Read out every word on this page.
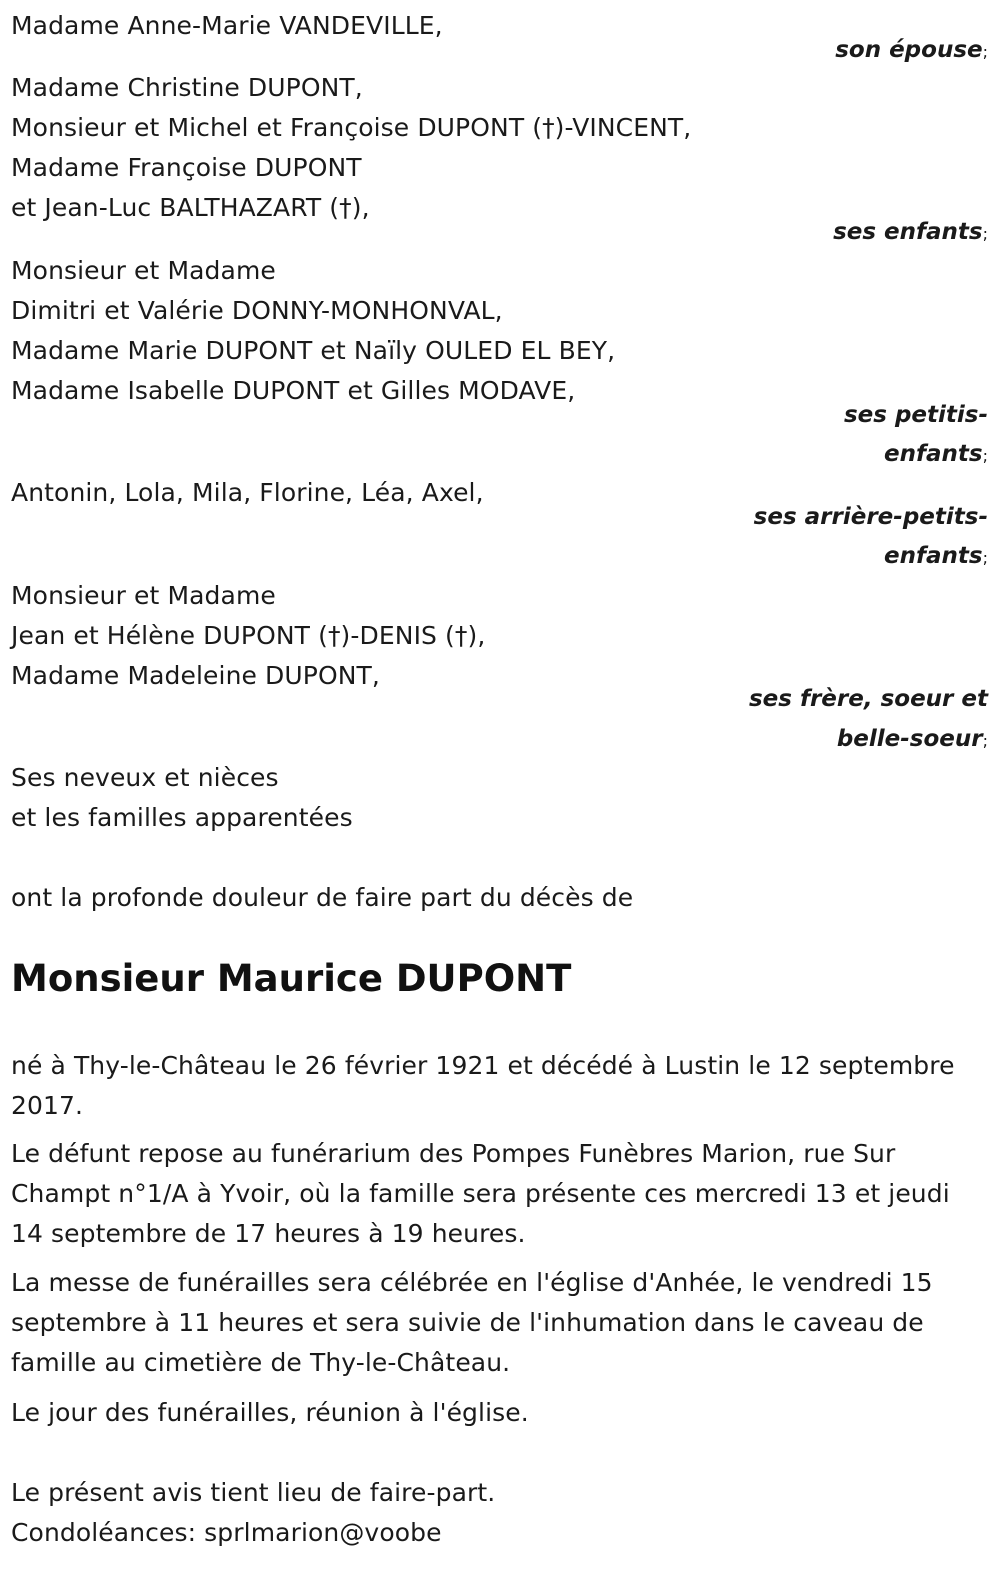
Madame Anne-Marie VANDEVILLE,
son épouse;
Madame Christine DUPONT,
Monsieur et Michel et Françoise DUPONT (†)-VINCENT,
Madame Françoise DUPONT
et Jean-Luc BALTHAZART (†),
ses enfants;
Monsieur et Madame
Dimitri et Valérie DONNY-MONHONVAL,
Madame Marie DUPONT et Naïly OULED EL BEY,
Madame Isabelle DUPONT et Gilles MODAVE,
ses petitis-
enfants;
Antonin, Lola, Mila, Florine, Léa, Axel,
ses arrière-petits-
enfants;
Monsieur et Madame
Jean et Hélène DUPONT (†)-DENIS (†),
Madame Madeleine DUPONT,
ses frère, soeur et
belle-soeur;
Ses neveux et nièces
et les familles apparentées
ont la profonde douleur de faire part du décès de
Monsieur Maurice DUPONT
né à Thy-le-Château le 26 février 1921 et décédé à Lustin le 12 septembre
2017.
Le défunt repose au funérarium des Pompes Funèbres Marion, rue Sur
Champt n°1/A à Yvoir, où la famille sera présente ces mercredi 13 et jeudi
14 septembre de 17 heures à 19 heures.
La messe de funérailles sera célébrée en l'église d'Anhée, le vendredi 15
septembre à 11 heures et sera suivie de l'inhumation dans le caveau de
famille au cimetière de Thy-le-Château.
Le jour des funérailles, réunion à l'église.
Le présent avis tient lieu de faire-part.
Condoléances: sprlmarion@voobe
